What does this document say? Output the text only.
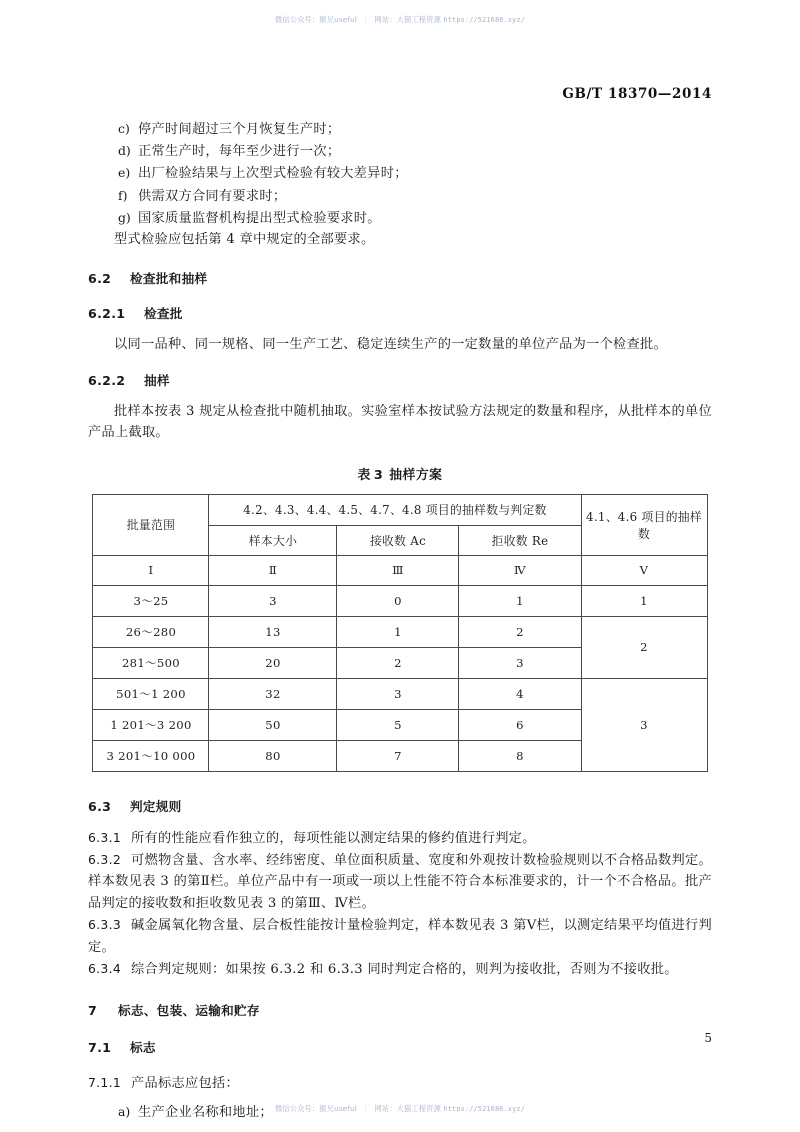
微信公众号：猴兄useful ｜ 网站：大猫工程资源 https://521686.xyz/
GB/T 18370—2014
c) 停产时间超过三个月恢复生产时；
d) 正常生产时，每年至少进行一次；
e) 出厂检验结果与上次型式检验有较大差异时；
f) 供需双方合同有要求时；
g) 国家质量监督机构提出型式检验要求时。

型式检验应包括第 4 章中规定的全部要求。

6.2	检查批和抽样
6.2.1	检查批

以同一品种、同一规格、同一生产工艺、稳定连续生产的一定数量的单位产品为一个检查批。

6.2.2	抽样

批样本按表 3 规定从检查批中随机抽取。实验室样本按试验方法规定的数量和程序，从批样本的单位产品上截取。

表 3 抽样方案
批量范围	4.2、4.3、4.4、4.5、4.7、4.8 项目的抽样数与判定数			4.1、4.6 项目的抽样数
	样本大小	接收数 Ac	拒收数 Re	
Ⅰ	Ⅱ	Ⅲ	Ⅳ	Ⅴ
3～25	3	0	1	1
26～280	13	1	2	2
281～500	20	2	3	
501～1 200	32	3	4	3
1 201～3 200	50	5	6	
3 201～10 000	80	7	8	
6.3	判定规则

6.3.1 所有的性能应看作独立的，每项性能以测定结果的修约值进行判定。

6.3.2 可燃物含量、含水率、经纬密度、单位面积质量、宽度和外观按计数检验规则以不合格品数判定。样本数见表 3 的第Ⅱ栏。单位产品中有一项或一项以上性能不符合本标准要求的，计一个不合格品。批产品判定的接收数和拒收数见表 3 的第Ⅲ、Ⅳ栏。

6.3.3 碱金属氧化物含量、层合板性能按计量检验判定，样本数见表 3 第Ⅴ栏，以测定结果平均值进行判定。

6.3.4 综合判定规则：如果按 6.3.2 和 6.3.3 同时判定合格的，则判为接收批，否则为不接收批。

7	标志、包装、运输和贮存
7.1	标志

7.1.1 产品标志应包括：

a) 生产企业名称和地址；
5
微信公众号：猴兄useful ｜ 网站：大猫工程资源 https://521686.xyz/
